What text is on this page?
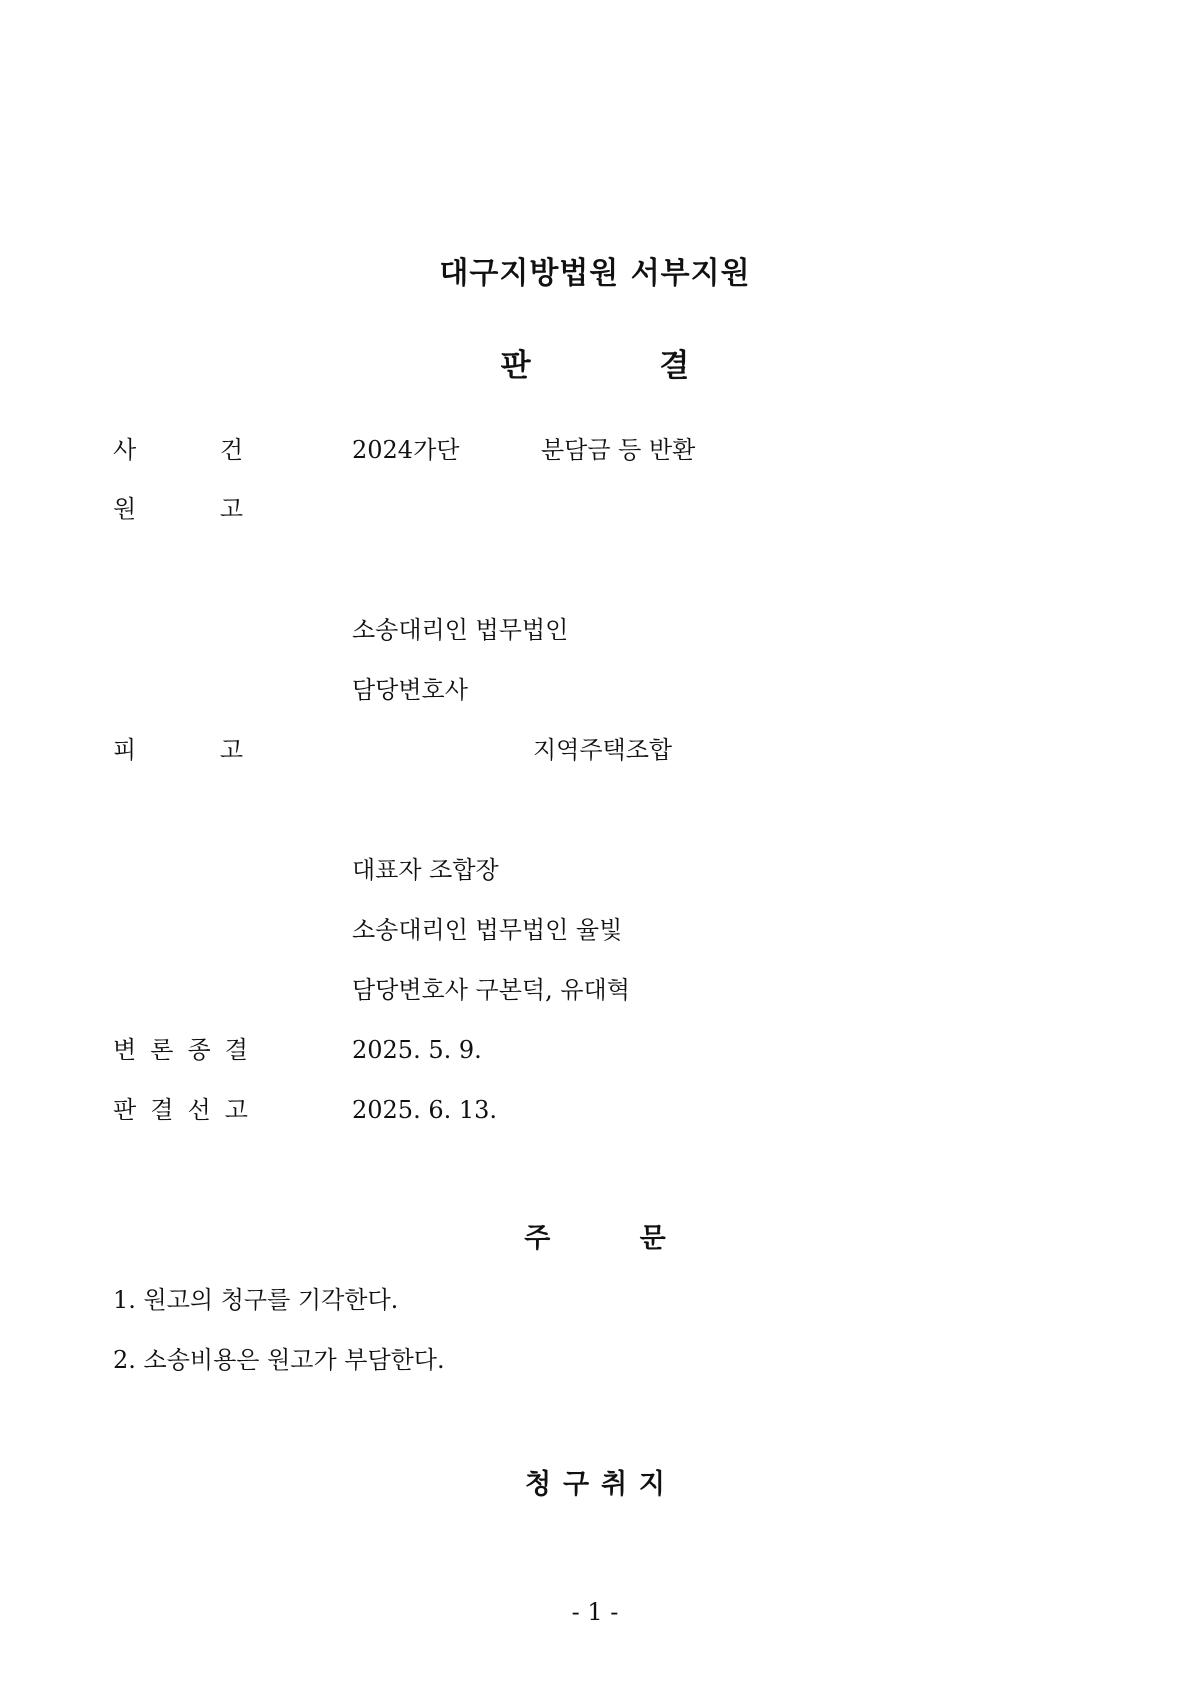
대구지방법원 서부지원
판 결
사	건	2024가단	분담금 등 반환
원	고
소송대리인 법무법인
담당변호사
피	고	지역주택조합
대표자 조합장
소송대리인 법무법인 율빛
담당변호사 구본덕, 유대혁
변 론 종 결	2025. 5. 9.
판 결 선 고	2025. 6. 13.
주 문
1. 원고의 청구를 기각한다.
2. 소송비용은 원고가 부담한다.
청 구 취 지
- 1 -
